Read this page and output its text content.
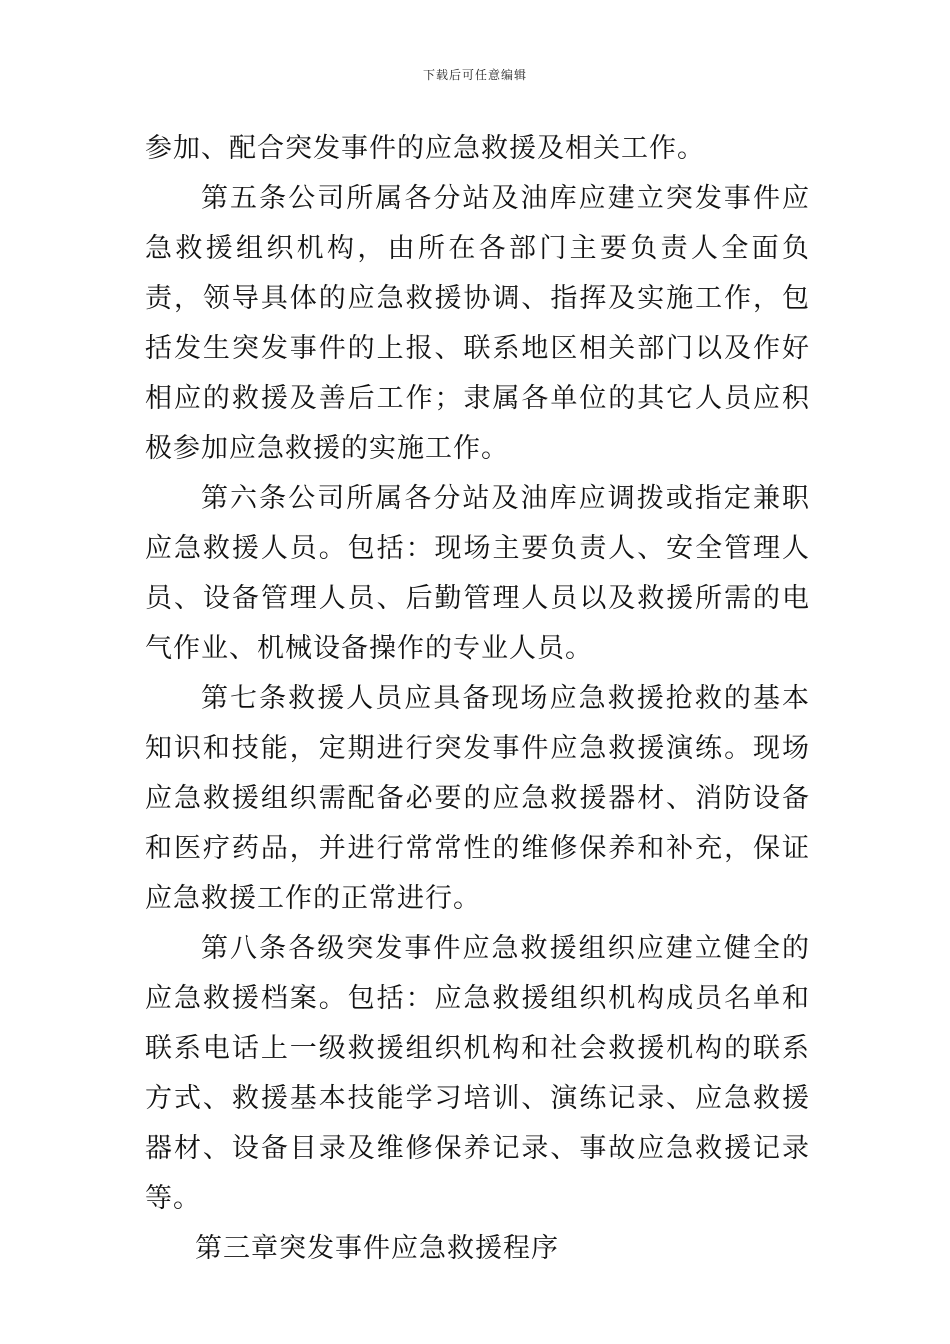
下载后可任意编辑

参加、配合突发事件的应急救援及相关工作。

第五条公司所属各分站及油库应建立突发事件应急救援组织机构，由所在各部门主要负责人全面负责，领导具体的应急救援协调、指挥及实施工作，包括发生突发事件的上报、联系地区相关部门以及作好相应的救援及善后工作；隶属各单位的其它人员应积极参加应急救援的实施工作。

第六条公司所属各分站及油库应调拨或指定兼职应急救援人员。包括：现场主要负责人、安全管理人员、设备管理人员、后勤管理人员以及救援所需的电气作业、机械设备操作的专业人员。

第七条救援人员应具备现场应急救援抢救的基本知识和技能，定期进行突发事件应急救援演练。现场应急救援组织需配备必要的应急救援器材、消防设备和医疗药品，并进行常常性的维修保养和补充，保证应急救援工作的正常进行。

第八条各级突发事件应急救援组织应建立健全的应急救援档案。包括：应急救援组织机构成员名单和联系电话上一级救援组织机构和社会救援机构的联系方式、救援基本技能学习培训、演练记录、应急救援器材、设备目录及维修保养记录、事故应急救援记录等。

第三章突发事件应急救援程序
